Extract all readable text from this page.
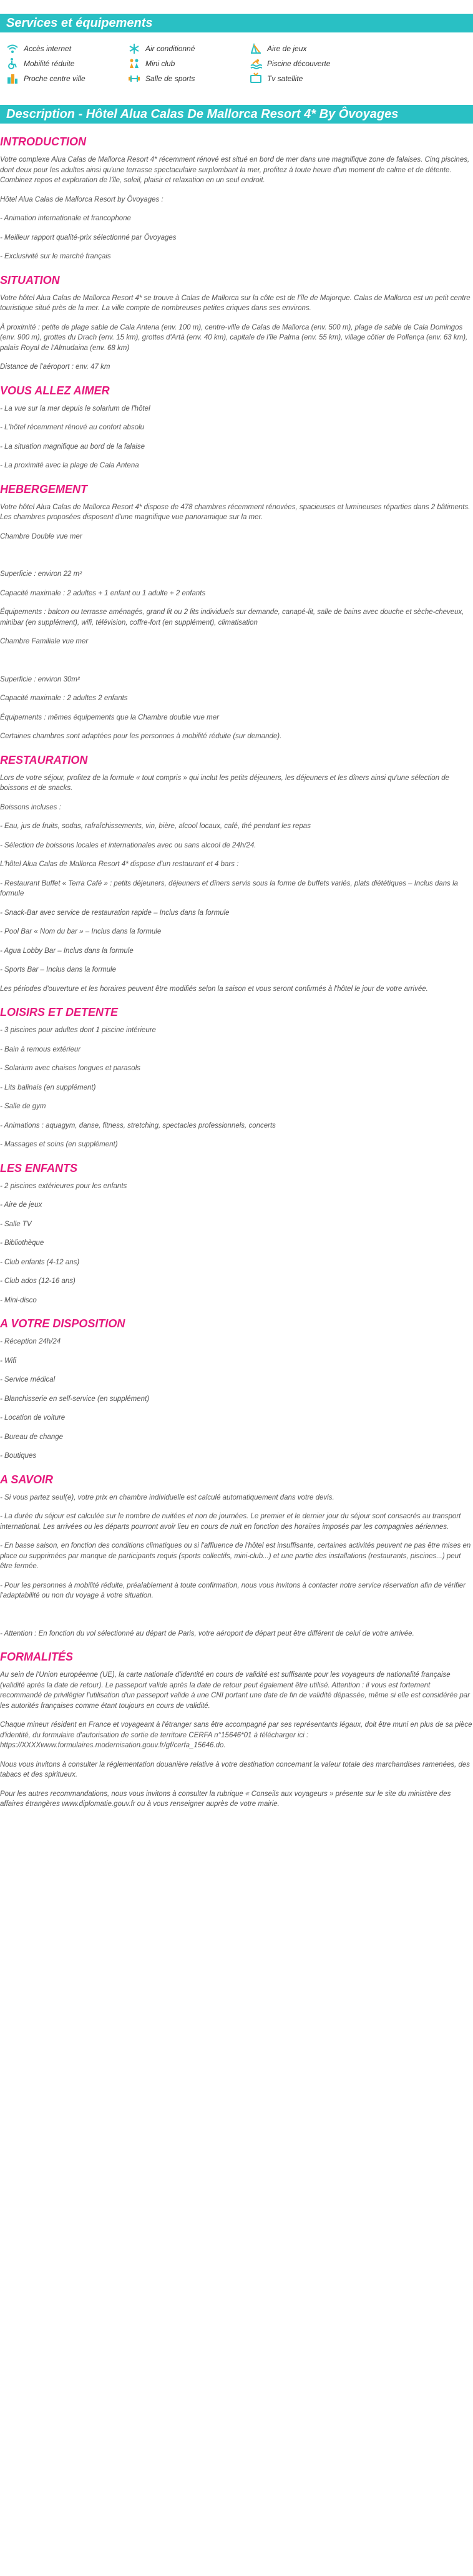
Services et équipements
Accès internet	Air conditionné	Aire de jeux
Mobilité réduite	Mini club	Piscine découverte
Proche centre ville	Salle de sports	Tv satellite
Description - Hôtel Alua Calas De Mallorca Resort 4* By Ôvoyages
INTRODUCTION

Votre complexe Alua Calas de Mallorca Resort 4* récemment rénové est situé en bord de mer dans une magnifique zone de falaises. Cinq piscines, dont deux pour les adultes ainsi qu'une terrasse spectaculaire surplombant la mer, profitez à toute heure d'un moment de calme et de détente. Combinez repos et exploration de l'île, soleil, plaisir et relaxation en un seul endroit.

Hôtel Alua Calas de Mallorca Resort by Ôvoyages :

- Animation internationale et francophone

- Meilleur rapport qualité-prix sélectionné par Ôvoyages

- Exclusivité sur le marché français

SITUATION

Votre hôtel Alua Calas de Mallorca Resort 4* se trouve à Calas de Mallorca sur la côte est de l'île de Majorque. Calas de Mallorca est un petit centre touristique situé près de la mer. La ville compte de nombreuses petites criques dans ses environs.

À proximité : petite de plage sable de Cala Antena (env. 100 m), centre-ville de Calas de Mallorca (env. 500 m), plage de sable de Cala Domingos (env. 900 m), grottes du Drach (env. 15 km), grottes d'Artà (env. 40 km), capitale de l'île Palma (env. 55 km), village côtier de Pollença (env. 63 km), palais Royal de l'Almudaina (env. 68 km)

Distance de l'aéroport : env. 47 km

VOUS ALLEZ AIMER

- La vue sur la mer depuis le solarium de l'hôtel

- L'hôtel récemment rénové au confort absolu

- La situation magnifique au bord de la falaise

- La proximité avec la plage de Cala Antena

HEBERGEMENT

Votre hôtel Alua Calas de Mallorca Resort 4* dispose de 478 chambres récemment rénovées, spacieuses et lumineuses réparties dans 2 bâtiments. Les chambres proposées disposent d'une magnifique vue panoramique sur la mer.

Chambre Double vue mer

Superficie : environ 22 m²

Capacité maximale : 2 adultes + 1 enfant ou 1 adulte + 2 enfants

Équipements : balcon ou terrasse aménagés, grand lit ou 2 lits individuels sur demande, canapé-lit, salle de bains avec douche et sèche-cheveux, minibar (en supplément), wifi, télévision, coffre-fort (en supplément), climatisation

Chambre Familiale vue mer

Superficie : environ 30m²

Capacité maximale : 2 adultes 2 enfants

Équipements : mêmes équipements que la Chambre double vue mer

Certaines chambres sont adaptées pour les personnes à mobilité réduite (sur demande).

RESTAURATION

Lors de votre séjour, profitez de la formule « tout compris » qui inclut les petits déjeuners, les déjeuners et les dîners ainsi qu'une sélection de boissons et de snacks.

Boissons incluses :

- Eau, jus de fruits, sodas, rafraîchissements, vin, bière, alcool locaux, café, thé pendant les repas

- Sélection de boissons locales et internationales avec ou sans alcool de 24h/24.

L'hôtel Alua Calas de Mallorca Resort 4* dispose d'un restaurant et 4 bars :

- Restaurant Buffet « Terra Café » : petits déjeuners, déjeuners et dîners servis sous la forme de buffets variés, plats diététiques – Inclus dans la formule

- Snack-Bar avec service de restauration rapide – Inclus dans la formule

- Pool Bar « Nom du bar » – Inclus dans la formule

- Agua Lobby Bar – Inclus dans la formule

- Sports Bar – Inclus dans la formule

Les périodes d'ouverture et les horaires peuvent être modifiés selon la saison et vous seront confirmés à l'hôtel le jour de votre arrivée.

LOISIRS ET DETENTE

- 3 piscines pour adultes dont 1 piscine intérieure

- Bain à remous extérieur

- Solarium avec chaises longues et parasols

- Lits balinais (en supplément)

- Salle de gym

- Animations : aquagym, danse, fitness, stretching, spectacles professionnels, concerts

- Massages et soins (en supplément)

LES ENFANTS

- 2 piscines extérieures pour les enfants

- Aire de jeux

- Salle TV

- Bibliothèque

- Club enfants (4-12 ans)

- Club ados (12-16 ans)

- Mini-disco

A VOTRE DISPOSITION

- Réception 24h/24

- Wifi

- Service médical

- Blanchisserie en self-service (en supplément)

- Location de voiture

- Bureau de change

- Boutiques

A SAVOIR

- Si vous partez seul(e), votre prix en chambre individuelle est calculé automatiquement dans votre devis.

- La durée du séjour est calculée sur le nombre de nuitées et non de journées. Le premier et le dernier jour du séjour sont consacrés au transport international. Les arrivées ou les départs pourront avoir lieu en cours de nuit en fonction des horaires imposés par les compagnies aériennes.

- En basse saison, en fonction des conditions climatiques ou si l'affluence de l'hôtel est insuffisante, certaines activités peuvent ne pas être mises en place ou supprimées par manque de participants requis (sports collectifs, mini-club...) et une partie des installations (restaurants, piscines...) peut être fermée.

- Pour les personnes à mobilité réduite, préalablement à toute confirmation, nous vous invitons à contacter notre service réservation afin de vérifier l'adaptabilité ou non du voyage à votre situation.

- Attention : En fonction du vol sélectionné au départ de Paris, votre aéroport de départ peut être différent de celui de votre arrivée.

FORMALITÉS

Au sein de l'Union européenne (UE), la carte nationale d'identité en cours de validité est suffisante pour les voyageurs de nationalité française (validité après la date de retour). Le passeport valide après la date de retour peut également être utilisé. Attention : il vous est fortement recommandé de privilégier l'utilisation d'un passeport valide à une CNI portant une date de fin de validité dépassée, même si elle est considérée par les autorités françaises comme étant toujours en cours de validité.

Chaque mineur résident en France et voyageant à l'étranger sans être accompagné par ses représentants légaux, doit être muni en plus de sa pièce d'identité, du formulaire d'autorisation de sortie de territoire CERFA n°15646*01 à télécharger ici : https://XXXXwww.formulaires.modernisation.gouv.fr/gf/cerfa_15646.do.

Nous vous invitons à consulter la réglementation douanière relative à votre destination concernant la valeur totale des marchandises ramenées, des tabacs et des spiritueux.

Pour les autres recommandations, nous vous invitons à consulter la rubrique « Conseils aux voyageurs » présente sur le site du ministère des affaires étrangères www.diplomatie.gouv.fr ou à vous renseigner auprès de votre mairie.
